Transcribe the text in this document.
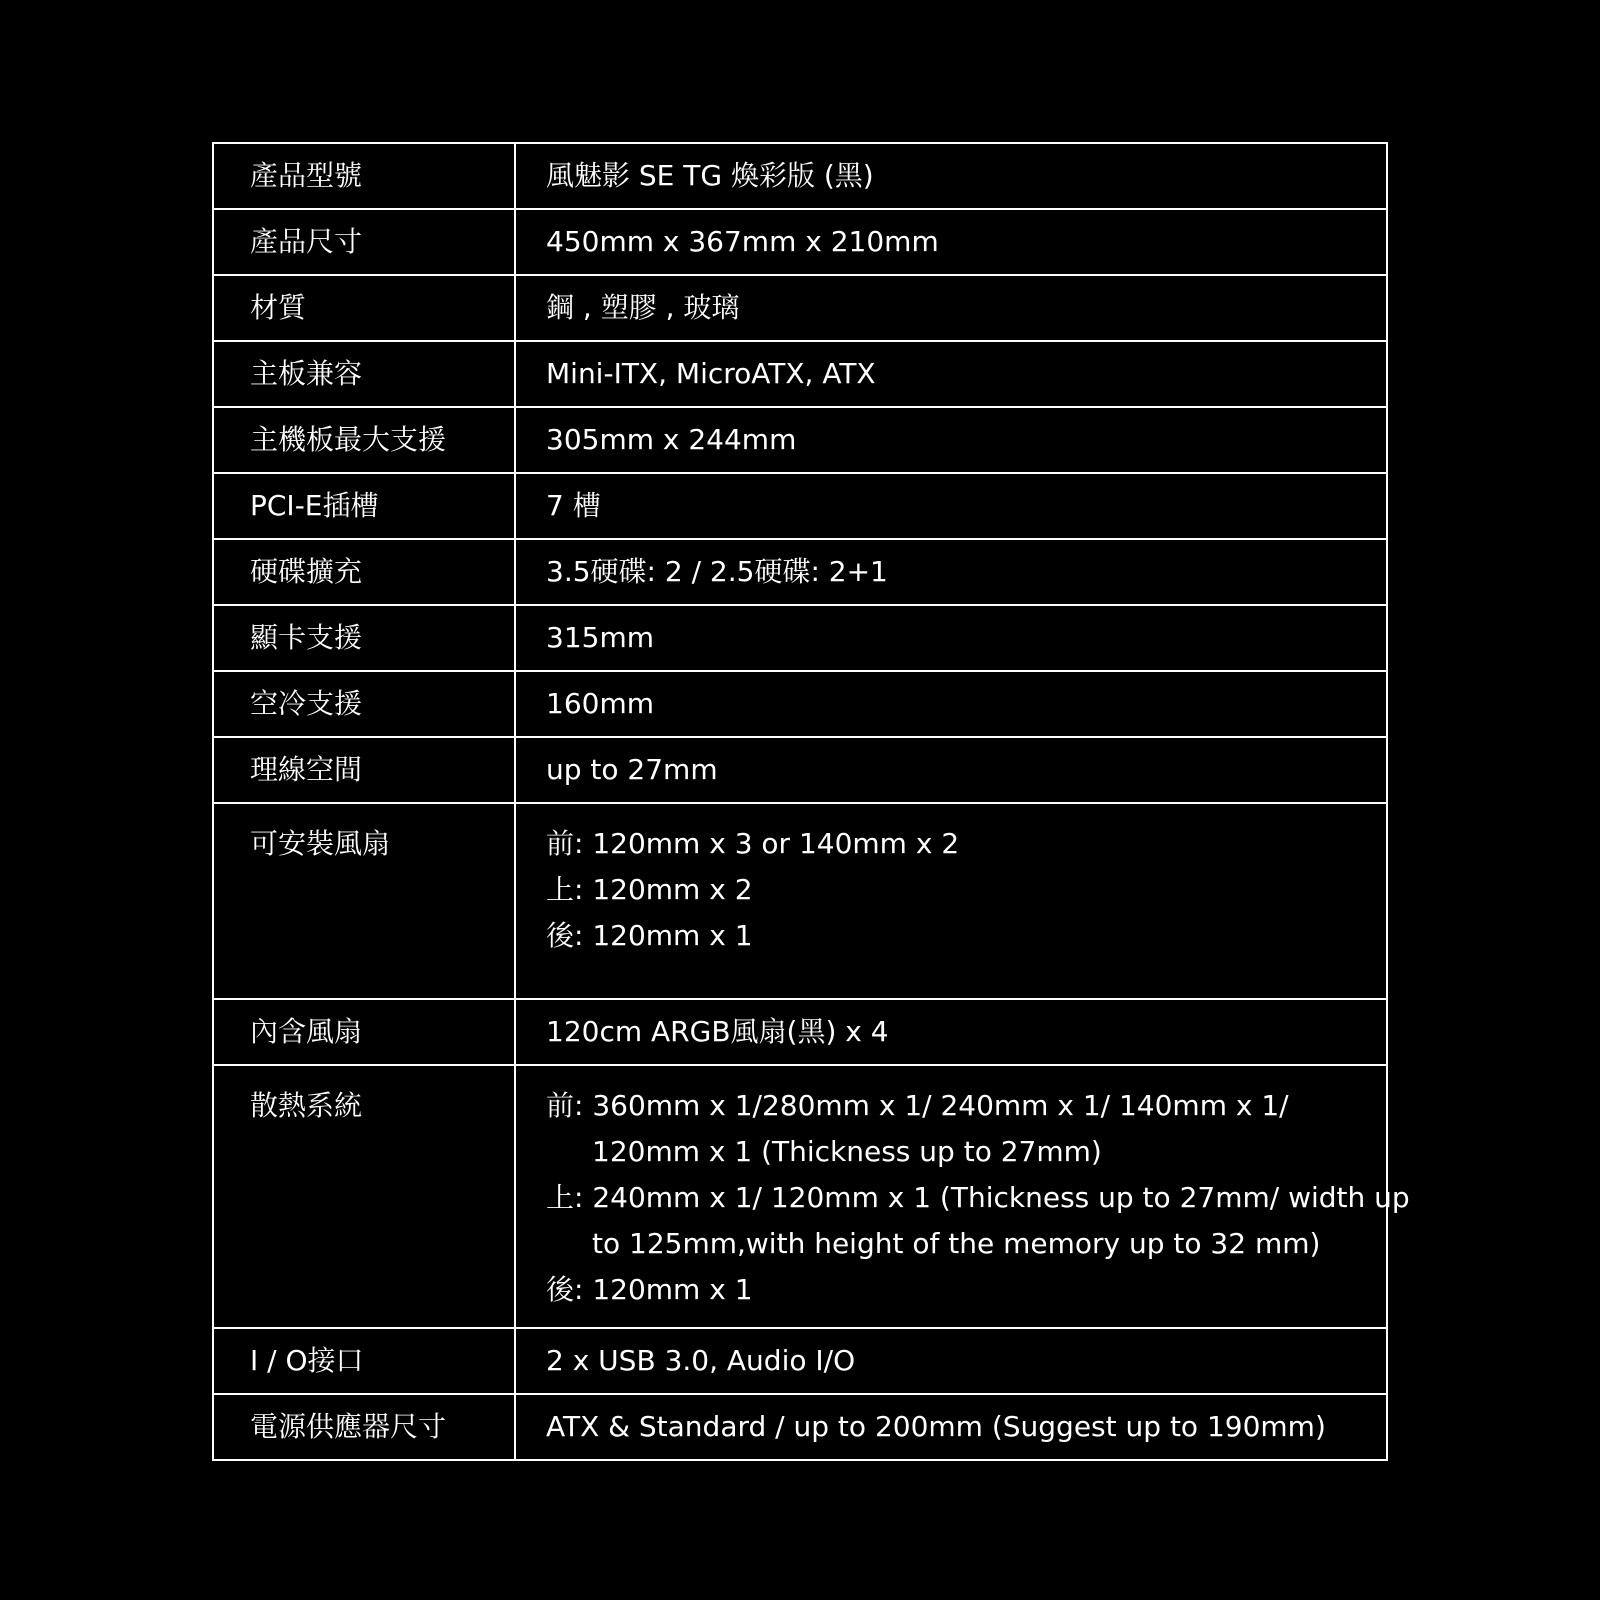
產品型號	風魅影 SE TG 煥彩版 (黑)

產品尺寸	450mm x 367mm x 210mm

材質	鋼 , 塑膠 , 玻璃

主板兼容	Mini-ITX, MicroATX, ATX

主機板最大支援	305mm x 244mm

PCI-E插槽	7 槽

硬碟擴充	3.5硬碟: 2 / 2.5硬碟: 2+1

顯卡支援	315mm

空冷支援	160mm

理線空間	up to 27mm

可安裝風扇	前: 120mm x 3 or 140mm x 2
上: 120mm x 2
後: 120mm x 1

內含風扇	120cm ARGB風扇(黑) x 4

散熱系統	前: 360mm x 1/280mm x 1/ 240mm x 1/ 140mm x 1/
120mm x 1 (Thickness up to 27mm)
上: 240mm x 1/ 120mm x 1 (Thickness up to 27mm/ width up
to 125mm,with height of the memory up to 32 mm)
後: 120mm x 1

I / O接口	2 x USB 3.0, Audio I/O

電源供應器尺寸	ATX & Standard / up to 200mm (Suggest up to 190mm)
